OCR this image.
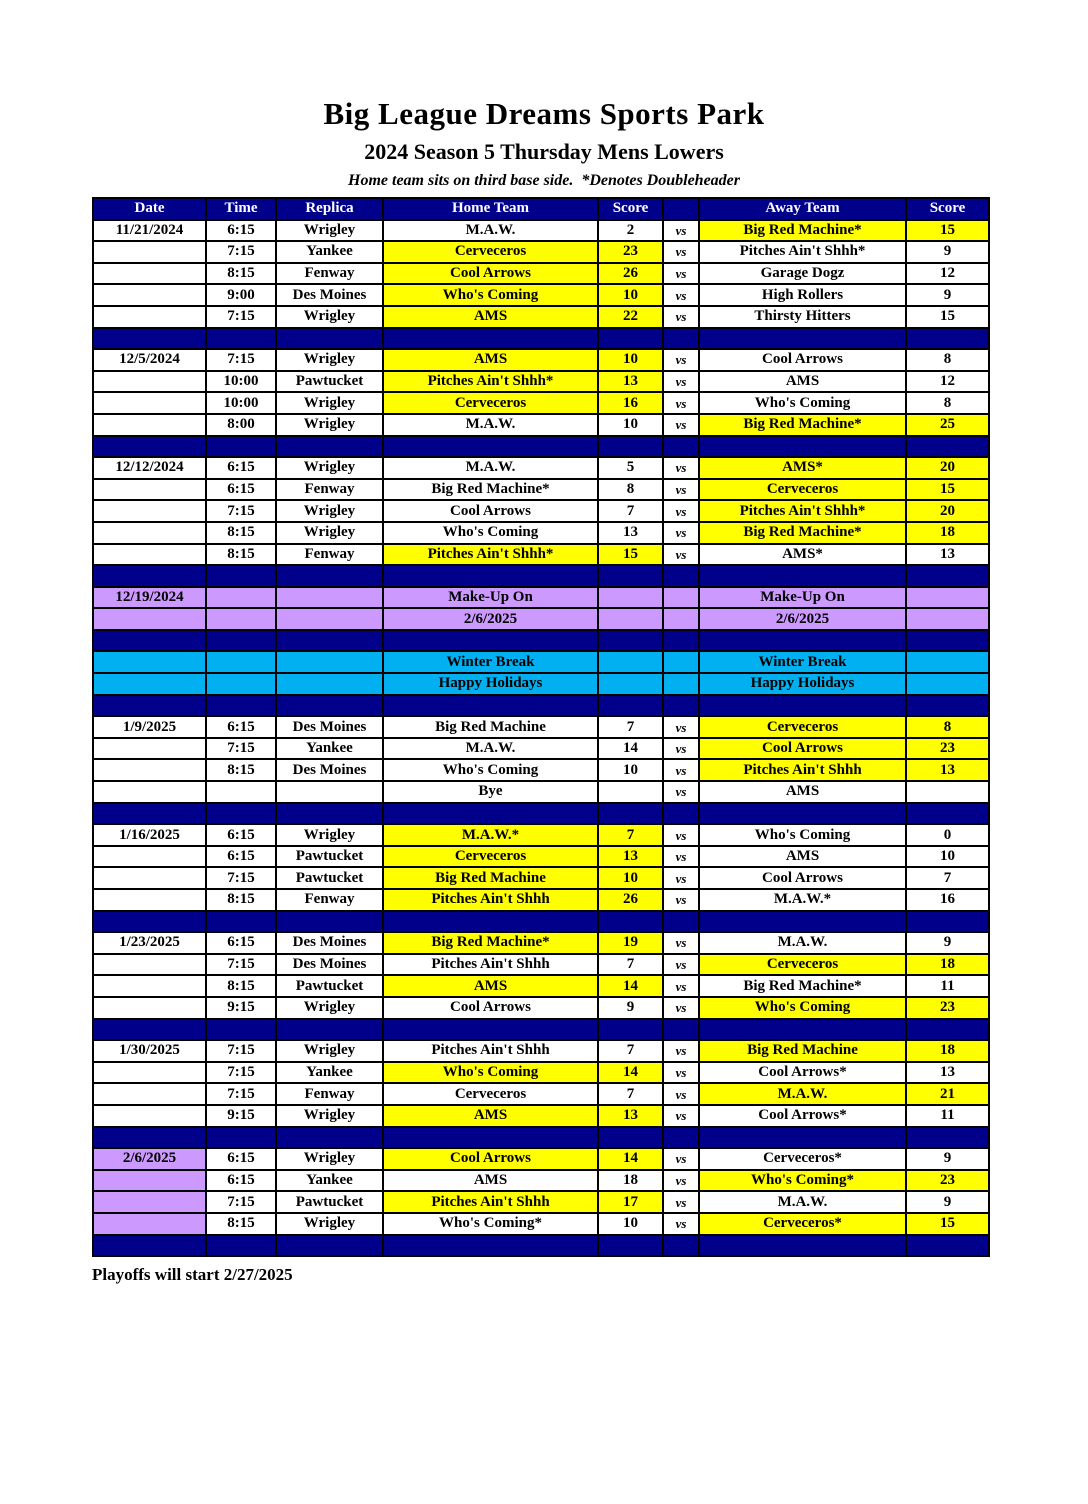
Big League Dreams Sports Park
2024 Season 5 Thursday Mens Lowers
Home team sits on third base side.  *Denotes Doubleheader
Date	Time	Replica	Home Team	Score		Away Team	Score
11/21/2024	6:15	Wrigley	M.A.W.	2	vs	Big Red Machine*	15
	7:15	Yankee	Cerveceros	23	vs	Pitches Ain't Shhh*	9
	8:15	Fenway	Cool Arrows	26	vs	Garage Dogz	12
	9:00	Des Moines	Who's Coming	10	vs	High Rollers	9
	7:15	Wrigley	AMS	22	vs	Thirsty Hitters	15

12/5/2024	7:15	Wrigley	AMS	10	vs	Cool Arrows	8
	10:00	Pawtucket	Pitches Ain't Shhh*	13	vs	AMS	12
	10:00	Wrigley	Cerveceros	16	vs	Who's Coming	8
	8:00	Wrigley	M.A.W.	10	vs	Big Red Machine*	25

12/12/2024	6:15	Wrigley	M.A.W.	5	vs	AMS*	20
	6:15	Fenway	Big Red Machine*	8	vs	Cerveceros	15
	7:15	Wrigley	Cool Arrows	7	vs	Pitches Ain't Shhh*	20
	8:15	Wrigley	Who's Coming	13	vs	Big Red Machine*	18
	8:15	Fenway	Pitches Ain't Shhh*	15	vs	AMS*	13

12/19/2024			Make-Up On			Make-Up On	
			2/6/2025			2/6/2025	

			Winter Break			Winter Break	
			Happy Holidays			Happy Holidays	

1/9/2025	6:15	Des Moines	Big Red Machine	7	vs	Cerveceros	8
	7:15	Yankee	M.A.W.	14	vs	Cool Arrows	23
	8:15	Des Moines	Who's Coming	10	vs	Pitches Ain't Shhh	13
			Bye		vs	AMS	

1/16/2025	6:15	Wrigley	M.A.W.*	7	vs	Who's Coming	0
	6:15	Pawtucket	Cerveceros	13	vs	AMS	10
	7:15	Pawtucket	Big Red Machine	10	vs	Cool Arrows	7
	8:15	Fenway	Pitches Ain't Shhh	26	vs	M.A.W.*	16

1/23/2025	6:15	Des Moines	Big Red Machine*	19	vs	M.A.W.	9
	7:15	Des Moines	Pitches Ain't Shhh	7	vs	Cerveceros	18
	8:15	Pawtucket	AMS	14	vs	Big Red Machine*	11
	9:15	Wrigley	Cool Arrows	9	vs	Who's Coming	23

1/30/2025	7:15	Wrigley	Pitches Ain't Shhh	7	vs	Big Red Machine	18
	7:15	Yankee	Who's Coming	14	vs	Cool Arrows*	13
	7:15	Fenway	Cerveceros	7	vs	M.A.W.	21
	9:15	Wrigley	AMS	13	vs	Cool Arrows*	11

2/6/2025	6:15	Wrigley	Cool Arrows	14	vs	Cerveceros*	9
	6:15	Yankee	AMS	18	vs	Who's Coming*	23
	7:15	Pawtucket	Pitches Ain't Shhh	17	vs	M.A.W.	9
	8:15	Wrigley	Who's Coming*	10	vs	Cerveceros*	15

Playoffs will start 2/27/2025
